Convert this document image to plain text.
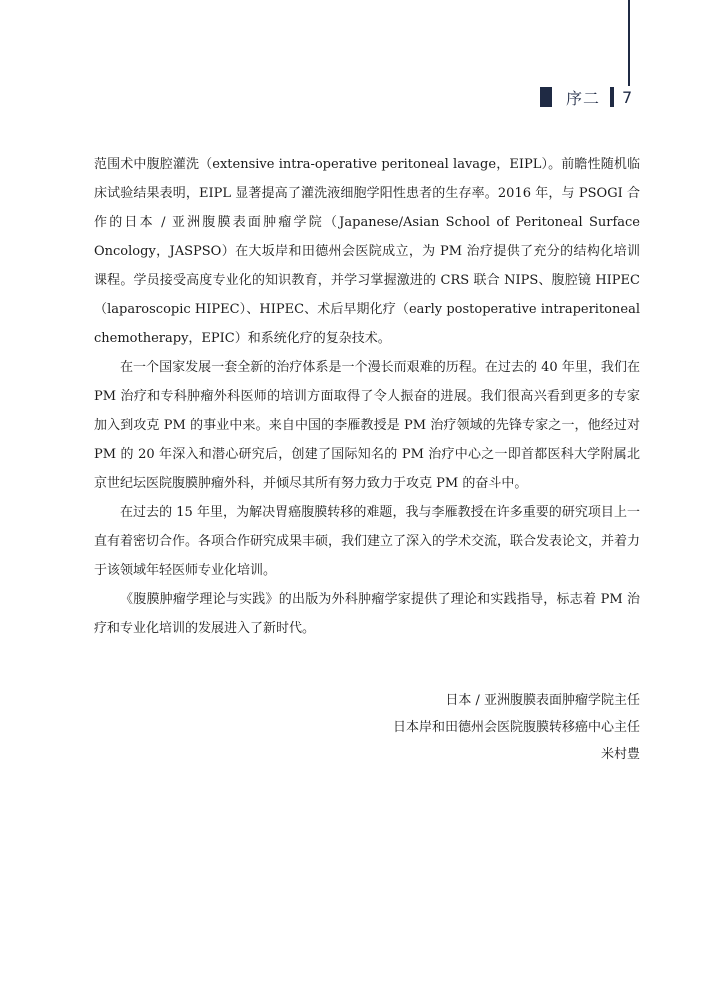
序二 7

范围术中腹腔灌洗（extensive intra-operative peritoneal lavage，EIPL）。前瞻性随机临床试验结果表明，EIPL 显著提高了灌洗液细胞学阳性患者的生存率。2016 年，与 PSOGI 合作的日本 / 亚洲腹膜表面肿瘤学院（Japanese/Asian School of Peritoneal Surface Oncology，JASPSO）在大坂岸和田德州会医院成立，为 PM 治疗提供了充分的结构化培训课程。学员接受高度专业化的知识教育，并学习掌握激进的 CRS 联合 NIPS、腹腔镜 HIPEC（laparoscopic HIPEC）、HIPEC、术后早期化疗（early postoperative intraperitoneal chemotherapy，EPIC）和系统化疗的复杂技术。

在一个国家发展一套全新的治疗体系是一个漫长而艰难的历程。在过去的 40 年里，我们在 PM 治疗和专科肿瘤外科医师的培训方面取得了令人振奋的进展。我们很高兴看到更多的专家加入到攻克 PM 的事业中来。来自中国的李雁教授是 PM 治疗领域的先锋专家之一，他经过对 PM 的 20 年深入和潜心研究后，创建了国际知名的 PM 治疗中心之一即首都医科大学附属北京世纪坛医院腹膜肿瘤外科，并倾尽其所有努力致力于攻克 PM 的奋斗中。

在过去的 15 年里，为解决胃癌腹膜转移的难题，我与李雁教授在许多重要的研究项目上一直有着密切合作。各项合作研究成果丰硕，我们建立了深入的学术交流，联合发表论文，并着力于该领域年轻医师专业化培训。

《腹膜肿瘤学理论与实践》的出版为外科肿瘤学家提供了理论和实践指导，标志着 PM 治疗和专业化培训的发展进入了新时代。

日本 / 亚洲腹膜表面肿瘤学院主任
日本岸和田德州会医院腹膜转移癌中心主任
米村豊
